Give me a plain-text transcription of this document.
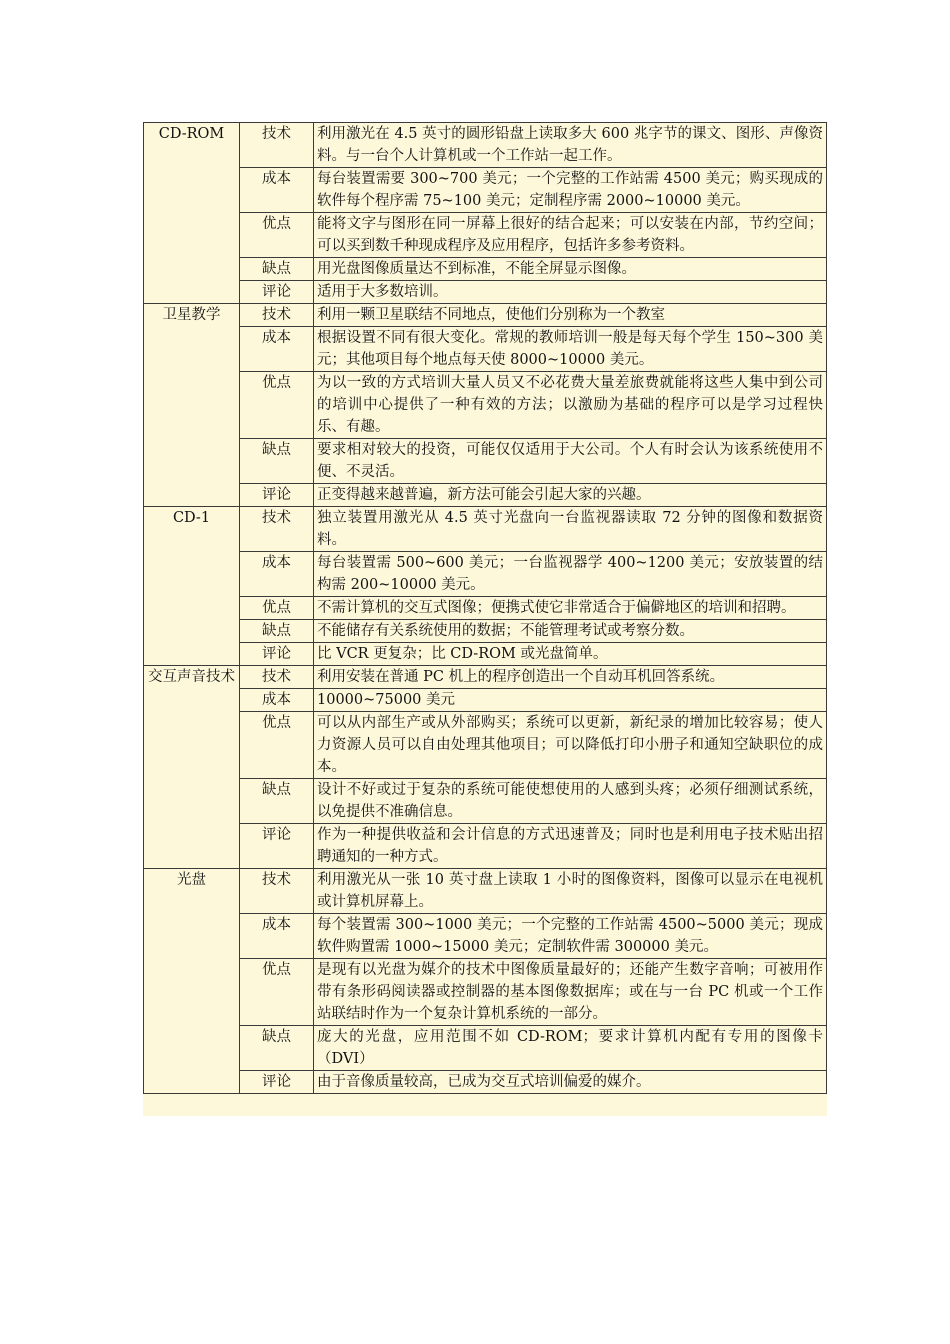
CD-ROM	技术	利用激光在 4.5 英寸的圆形铅盘上读取多大 600 兆字节的课文、图形、声像资料。与一台个人计算机或一个工作站一起工作。
	成本	每台装置需要 300~700 美元；一个完整的工作站需 4500 美元；购买现成的软件每个程序需 75~100 美元；定制程序需 2000~10000 美元。
	优点	能将文字与图形在同一屏幕上很好的结合起来；可以安装在内部，节约空间；可以买到数千种现成程序及应用程序，包括许多参考资料。
	缺点	用光盘图像质量达不到标准，不能全屏显示图像。
	评论	适用于大多数培训。
卫星教学	技术	利用一颗卫星联结不同地点，使他们分别称为一个教室
	成本	根据设置不同有很大变化。常规的教师培训一般是每天每个学生 150~300 美元；其他项目每个地点每天使 8000~10000 美元。
	优点	为以一致的方式培训大量人员又不必花费大量差旅费就能将这些人集中到公司的培训中心提供了一种有效的方法；以激励为基础的程序可以是学习过程快乐、有趣。
	缺点	要求相对较大的投资，可能仅仅适用于大公司。个人有时会认为该系统使用不便、不灵活。
	评论	正变得越来越普遍，新方法可能会引起大家的兴趣。
CD-1	技术	独立装置用激光从 4.5 英寸光盘向一台监视器读取 72 分钟的图像和数据资料。
	成本	每台装置需 500~600 美元；一台监视器学 400~1200 美元；安放装置的结构需 200~10000 美元。
	优点	不需计算机的交互式图像；便携式使它非常适合于偏僻地区的培训和招聘。
	缺点	不能储存有关系统使用的数据；不能管理考试或考察分数。
	评论	比 VCR 更复杂；比 CD-ROM 或光盘简单。
交互声音技术	技术	利用安装在普通 PC 机上的程序创造出一个自动耳机回答系统。
	成本	10000~75000 美元
	优点	可以从内部生产或从外部购买；系统可以更新，新纪录的增加比较容易；使人力资源人员可以自由处理其他项目；可以降低打印小册子和通知空缺职位的成本。
	缺点	设计不好或过于复杂的系统可能使想使用的人感到头疼；必须仔细测试系统，以免提供不准确信息。
	评论	作为一种提供收益和会计信息的方式迅速普及；同时也是利用电子技术贴出招聘通知的一种方式。
光盘	技术	利用激光从一张 10 英寸盘上读取 1 小时的图像资料，图像可以显示在电视机或计算机屏幕上。
	成本	每个装置需 300~1000 美元；一个完整的工作站需 4500~5000 美元；现成软件购置需 1000~15000 美元；定制软件需 300000 美元。
	优点	是现有以光盘为媒介的技术中图像质量最好的；还能产生数字音响；可被用作带有条形码阅读器或控制器的基本图像数据库；或在与一台 PC 机或一个工作站联结时作为一个复杂计算机系统的一部分。
	缺点	庞大的光盘，应用范围不如 CD-ROM；要求计算机内配有专用的图像卡（DVI）
	评论	由于音像质量较高，已成为交互式培训偏爱的媒介。
